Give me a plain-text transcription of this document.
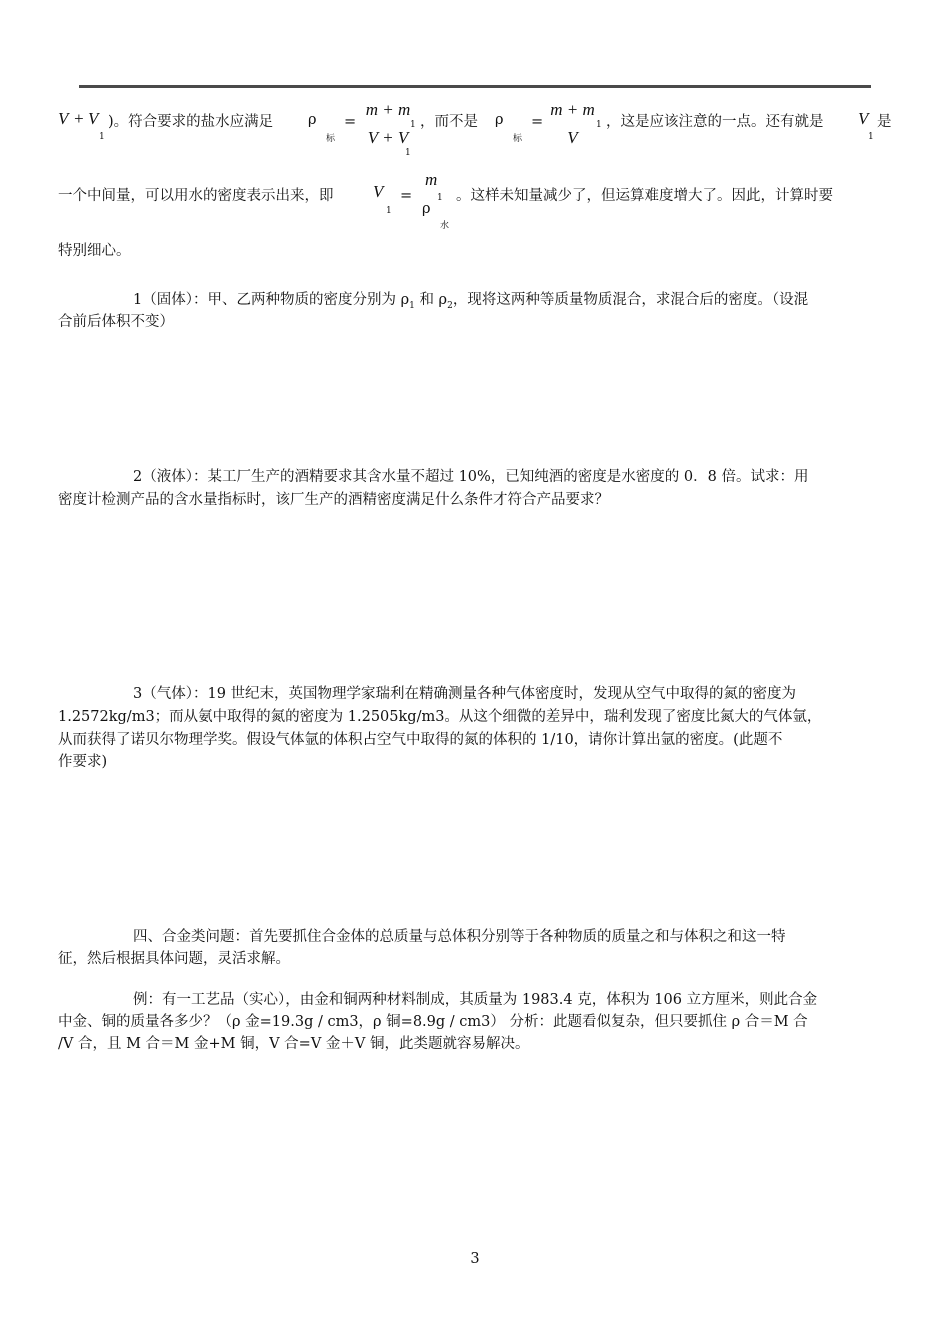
V + V
1
)。符合要求的盐水应满足 ρ
标
=
m + m
V + V
1
1
，而不是 ρ
标
=
m + m
V
1 ，这是应该注意的一点。还有就是 V
1
是
一个中间量，可以用水的密度表示出来，即 V
1
=
m
1
ρ
水
。这样未知量减少了，但运算难度增大了。因此，计算时要
特别细心。
1（固体）：甲、乙两种物质的密度分别为 $\rho_1$ 和 $\rho_2$，现将这两种等质量物质混合，求混合后的密度。（设混
合前后体积不变）
2（液体）：某工厂生产的酒精要求其含水量不超过 10%，已知纯酒的密度是水密度的 0．8 倍。试求：用
密度计检测产品的含水量指标时，该厂生产的酒精密度满足什么条件才符合产品要求？
3（气体）：19 世纪末，英国物理学家瑞利在精确测量各种气体密度时，发现从空气中取得的氮的密度为
1.2572kg/m3；而从氨中取得的氮的密度为 1.2505kg/m3。从这个细微的差异中，瑞利发现了密度比氮大的气体氩，
从而获得了诺贝尔物理学奖。假设气体氩的体积占空气中取得的氮的体积的 1/10，请你计算出氩的密度。(此题不
作要求)
四、合金类问题：首先要抓住合金体的总质量与总体积分别等于各种物质的质量之和与体积之和这一特
征，然后根据具体问题，灵活求解。
例：有一工艺品（实心），由金和铜两种材料制成，其质量为 1983.4 克，体积为 106 立方厘米，则此合金
中金、铜的质量各多少？（ρ 金=19.3g / cm3，ρ 铜=8.9g / cm3） 分析：此题看似复杂，但只要抓住 ρ 合＝M 合
/V 合，且 M 合＝M 金+M 铜，V 合=V 金＋V 铜，此类题就容易解决。
3
